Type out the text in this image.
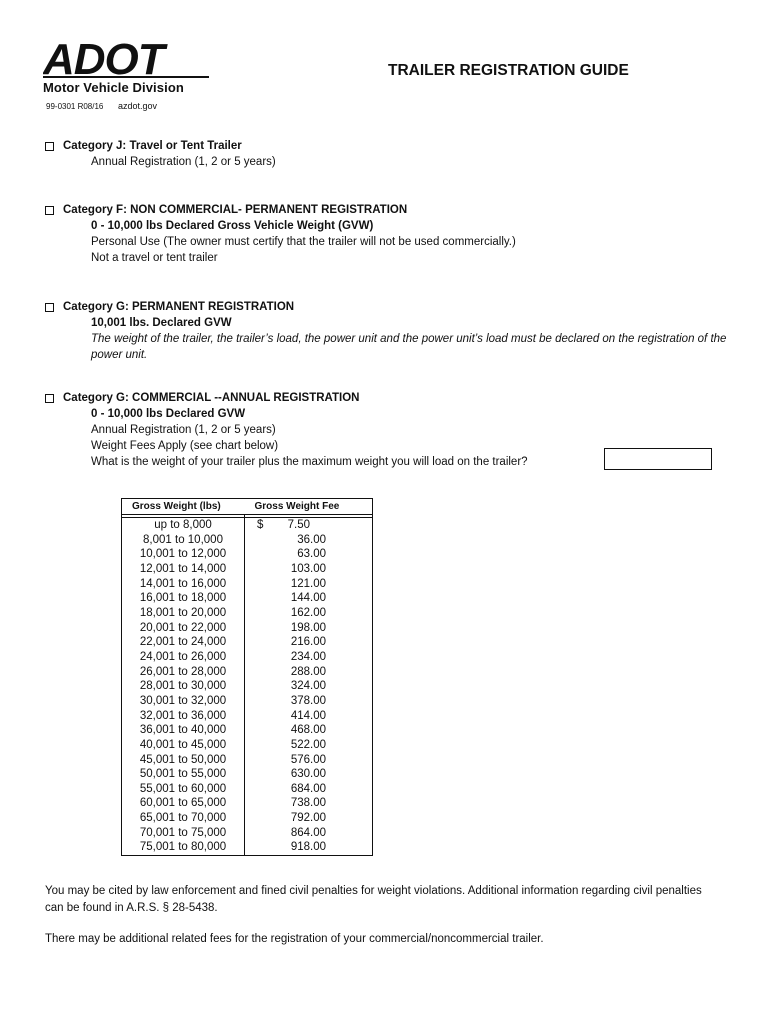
ADOT
Motor Vehicle Division
99-0301 R08/16 azdot.gov
TRAILER REGISTRATION GUIDE
Category J: Travel or Tent Trailer
Annual Registration (1, 2 or 5 years)
Category F: NON COMMERCIAL- PERMANENT REGISTRATION
0 - 10,000 lbs Declared Gross Vehicle Weight (GVW)
Personal Use (The owner must certify that the trailer will not be used commercially.)
Not a travel or tent trailer
Category G: PERMANENT REGISTRATION
10,001 lbs. Declared GVW
The weight of the trailer, the trailer’s load, the power unit and the power unit’s load must be declared on the registration of the power unit.
Category G: COMMERCIAL --ANNUAL REGISTRATION
0 - 10,000 lbs Declared GVW
Annual Registration (1, 2 or 5 years)
Weight Fees Apply (see chart below)
What is the weight of your trailer plus the maximum weight you will load on the trailer?
Gross Weight (lbs)	Gross Weight Fee

up to 8,000	$ 7.50
8,001 to 10,000	36.00
10,001 to 12,000	63.00
12,001 to 14,000	103.00
14,001 to 16,000	121.00
16,001 to 18,000	144.00
18,001 to 20,000	162.00
20,001 to 22,000	198.00
22,001 to 24,000	216.00
24,001 to 26,000	234.00
26,001 to 28,000	288.00
28,001 to 30,000	324.00
30,001 to 32,000	378.00
32,001 to 36,000	414.00
36,001 to 40,000	468.00
40,001 to 45,000	522.00
45,001 to 50,000	576.00
50,001 to 55,000	630.00
55,001 to 60,000	684.00
60,001 to 65,000	738.00
65,001 to 70,000	792.00
70,001 to 75,000	864.00
75,001 to 80,000	918.00
You may be cited by law enforcement and fined civil penalties for weight violations. Additional information regarding civil penalties can be found in A.R.S. § 28-5438.
There may be additional related fees for the registration of your commercial/noncommercial trailer.
